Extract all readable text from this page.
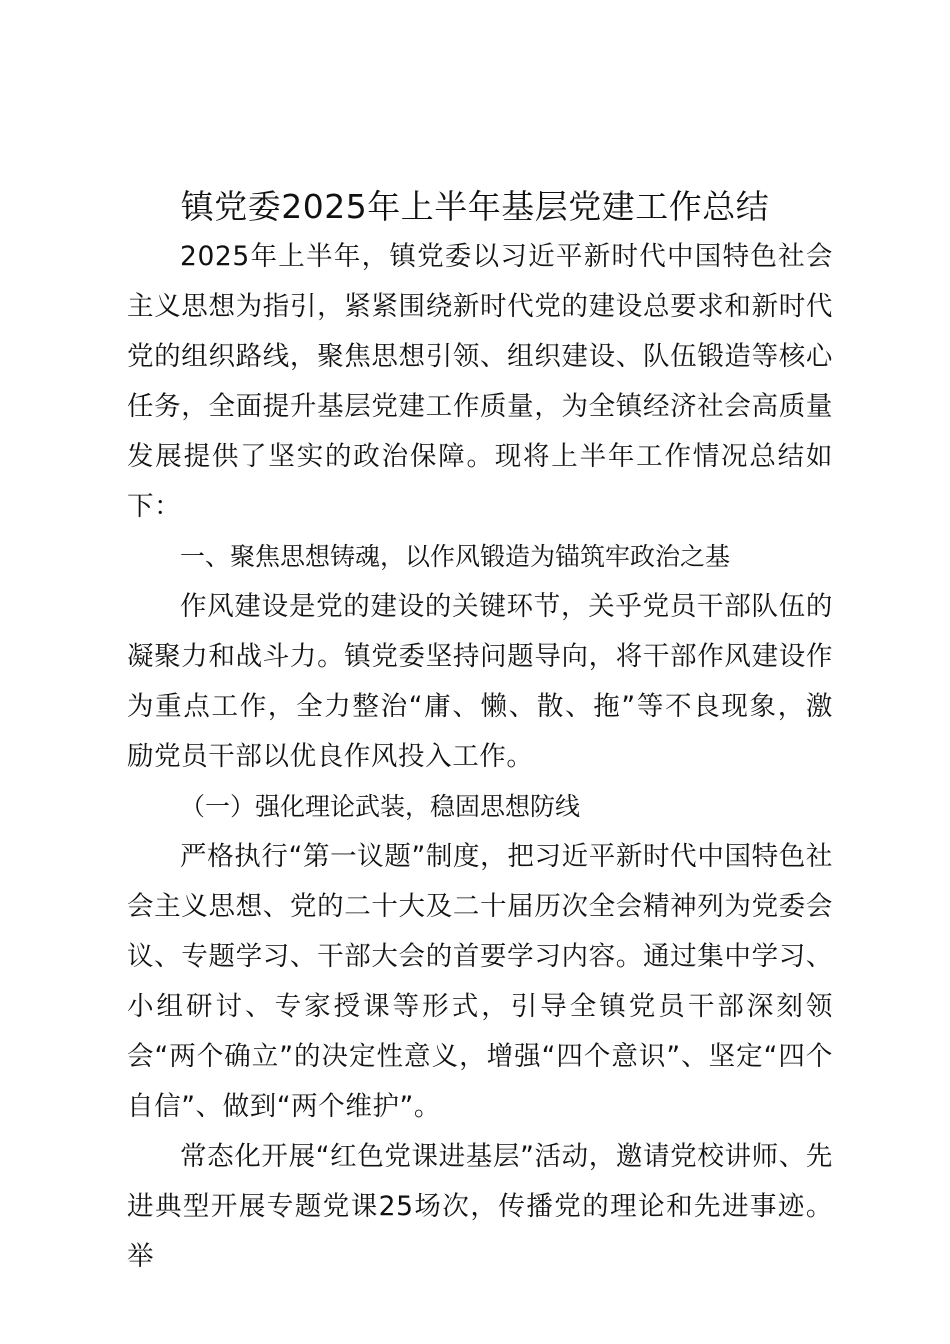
镇党委2025年上半年基层党建工作总结

2025年上半年，镇党委以习近平新时代中国特色社会主义思想为指引，紧紧围绕新时代党的建设总要求和新时代党的组织路线，聚焦思想引领、组织建设、队伍锻造等核心任务，全面提升基层党建工作质量，为全镇经济社会高质量发展提供了坚实的政治保障。现将上半年工作情况总结如下：

一、聚焦思想铸魂，以作风锻造为锚筑牢政治之基

作风建设是党的建设的关键环节，关乎党员干部队伍的凝聚力和战斗力。镇党委坚持问题导向，将干部作风建设作为重点工作，全力整治“庸、懒、散、拖”等不良现象，激励党员干部以优良作风投入工作。

（一）强化理论武装，稳固思想防线

严格执行“第一议题”制度，把习近平新时代中国特色社会主义思想、党的二十大及二十届历次全会精神列为党委会议、专题学习、干部大会的首要学习内容。通过集中学习、小组研讨、专家授课等形式，引导全镇党员干部深刻领会“两个确立”的决定性意义，增强“四个意识”、坚定“四个自信”、做到“两个维护”。

常态化开展“红色党课进基层”活动，邀请党校讲师、先进典型开展专题党课25场次，传播党的理论和先进事迹。举
